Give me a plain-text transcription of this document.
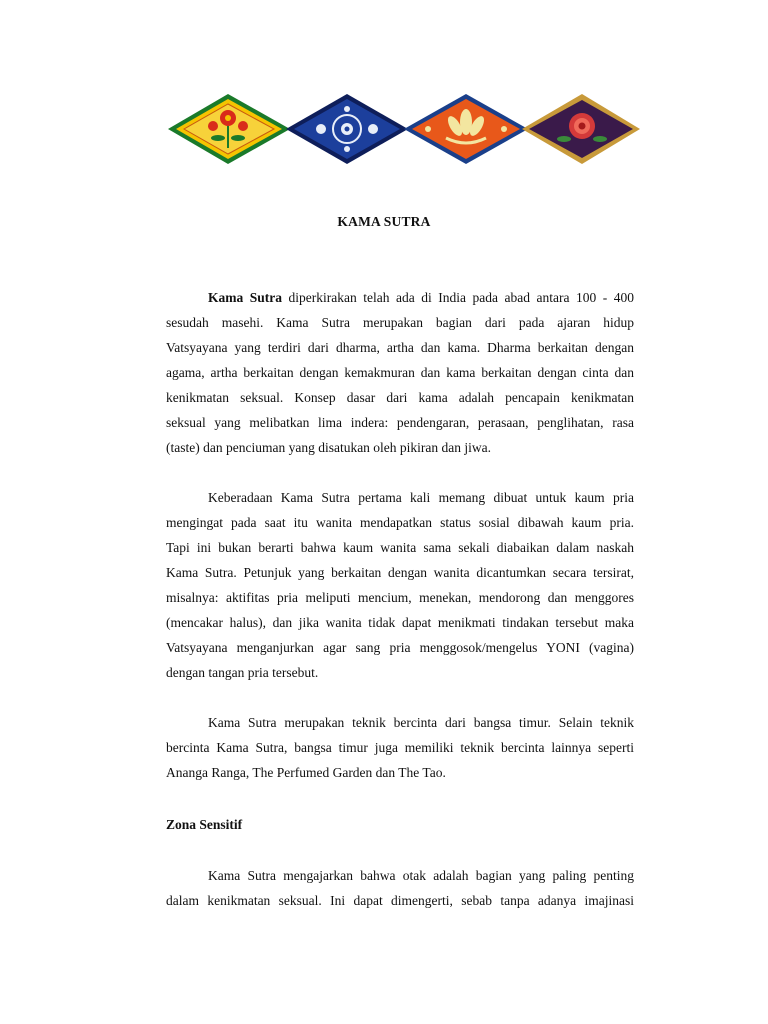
KAMA SUTRA
Kama Sutra diperkirakan telah ada di India pada abad antara 100 - 400
sesudah masehi. Kama Sutra merupakan bagian dari pada ajaran hidup
Vatsyayana yang terdiri dari dharma, artha dan kama. Dharma berkaitan dengan
agama, artha berkaitan dengan kemakmuran dan kama berkaitan dengan cinta dan
kenikmatan seksual. Konsep dasar dari kama adalah pencapain kenikmatan
seksual yang melibatkan lima indera: pendengaran, perasaan, penglihatan, rasa
(taste) dan penciuman yang disatukan oleh pikiran dan jiwa.
Keberadaan Kama Sutra pertama kali memang dibuat untuk kaum pria
mengingat pada saat itu wanita mendapatkan status sosial dibawah kaum pria.
Tapi ini bukan berarti bahwa kaum wanita sama sekali diabaikan dalam naskah
Kama Sutra. Petunjuk yang berkaitan dengan wanita dicantumkan secara tersirat,
misalnya: aktifitas pria meliputi mencium, menekan, mendorong dan menggores
(mencakar halus), dan jika wanita tidak dapat menikmati tindakan tersebut maka
Vatsyayana menganjurkan agar sang pria menggosok/mengelus YONI (vagina)
dengan tangan pria tersebut.
Kama Sutra merupakan teknik bercinta dari bangsa timur. Selain teknik
bercinta Kama Sutra, bangsa timur juga memiliki teknik bercinta lainnya seperti
Ananga Ranga, The Perfumed Garden dan The Tao.
Zona Sensitif
Kama Sutra mengajarkan bahwa otak adalah bagian yang paling penting
dalam kenikmatan seksual. Ini dapat dimengerti, sebab tanpa adanya imajinasi
